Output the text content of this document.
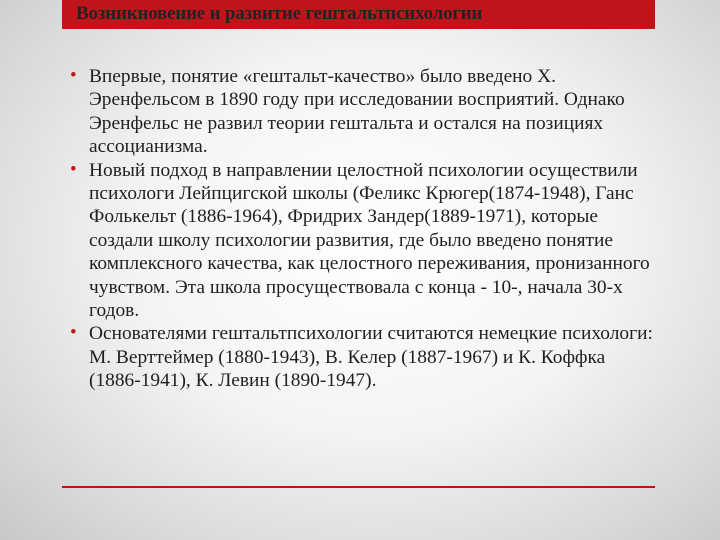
Возникновение и развитие гештальтпсихологии
• Впервые, понятие «гештальт-качество» было введено Х. Эренфельсом в 1890 году при исследовании восприятий. Однако Эренфельс не развил теории гештальта и остался на позициях ассоцианизма.
• Новый подход в направлении целостной психологии осуществили психологи Лейпцигской школы (Феликс Крюгер(1874-1948), Ганс Фолькельт (1886-1964), Фридрих Зандер(1889-1971), которые создали школу психологии развития, где было введено понятие комплексного качества, как целостного переживания, пронизанного чувством. Эта школа просуществовала с конца - 10-, начала 30-х годов.
• Основателями гештальтпсихологии считаются немецкие психологи: М. Верттеймер (1880-1943), В. Келер (1887-1967) и К. Коффка (1886-1941), К. Левин (1890-1947).
